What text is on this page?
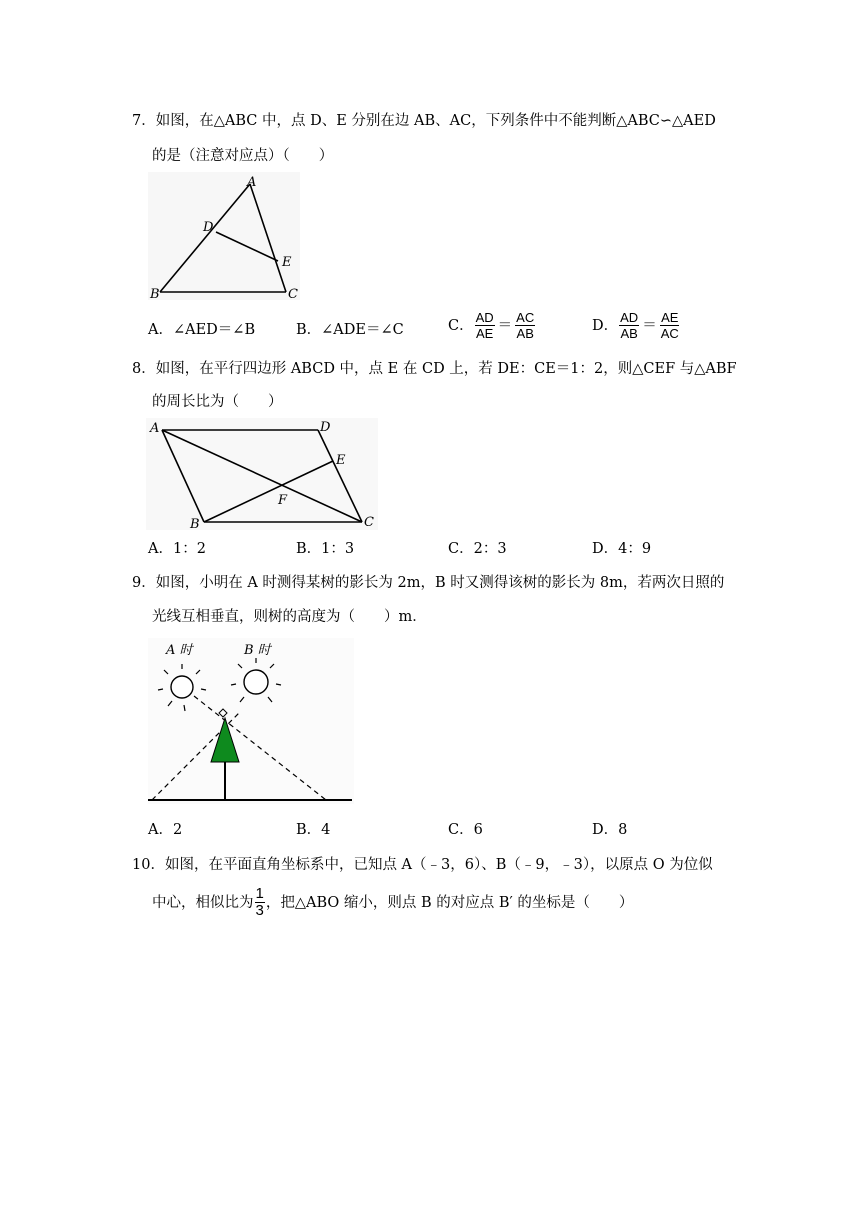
7．如图，在△ABC 中，点 D、E 分别在边 AB、AC，下列条件中不能判断△ABC∽△AED
的是（注意对应点）（　　）
A
B	C
D
E
A．∠AED＝∠B	B．∠ADE＝∠C	C． $\frac{AD}{AE} = \frac{AC}{AB}$	D． $\frac{AD}{AB} = \frac{AE}{AC}$
8．如图，在平行四边形 ABCD 中，点 E 在 CD 上，若 DE：CE＝1：2，则△CEF 与△ABF
的周长比为（　　）
A
B	C
D
E
F
A．1：2	B．1：3	C．2：3	D．4：9
9．如图，小明在 A 时测得某树的影长为 2m，B 时又测得该树的影长为 8m，若两次日照的
光线互相垂直，则树的高度为（　　）m．
A 时	B 时
A．2	B．4	C．6	D．8
10．如图，在平面直角坐标系中，已知点 A（﹣3，6）、B（﹣9，﹣3），以原点 O 为位似
中心，相似比为 $\frac{1}{3}$ ，把△ABO 缩小，则点 B 的对应点 B′ 的坐标是（　　）
